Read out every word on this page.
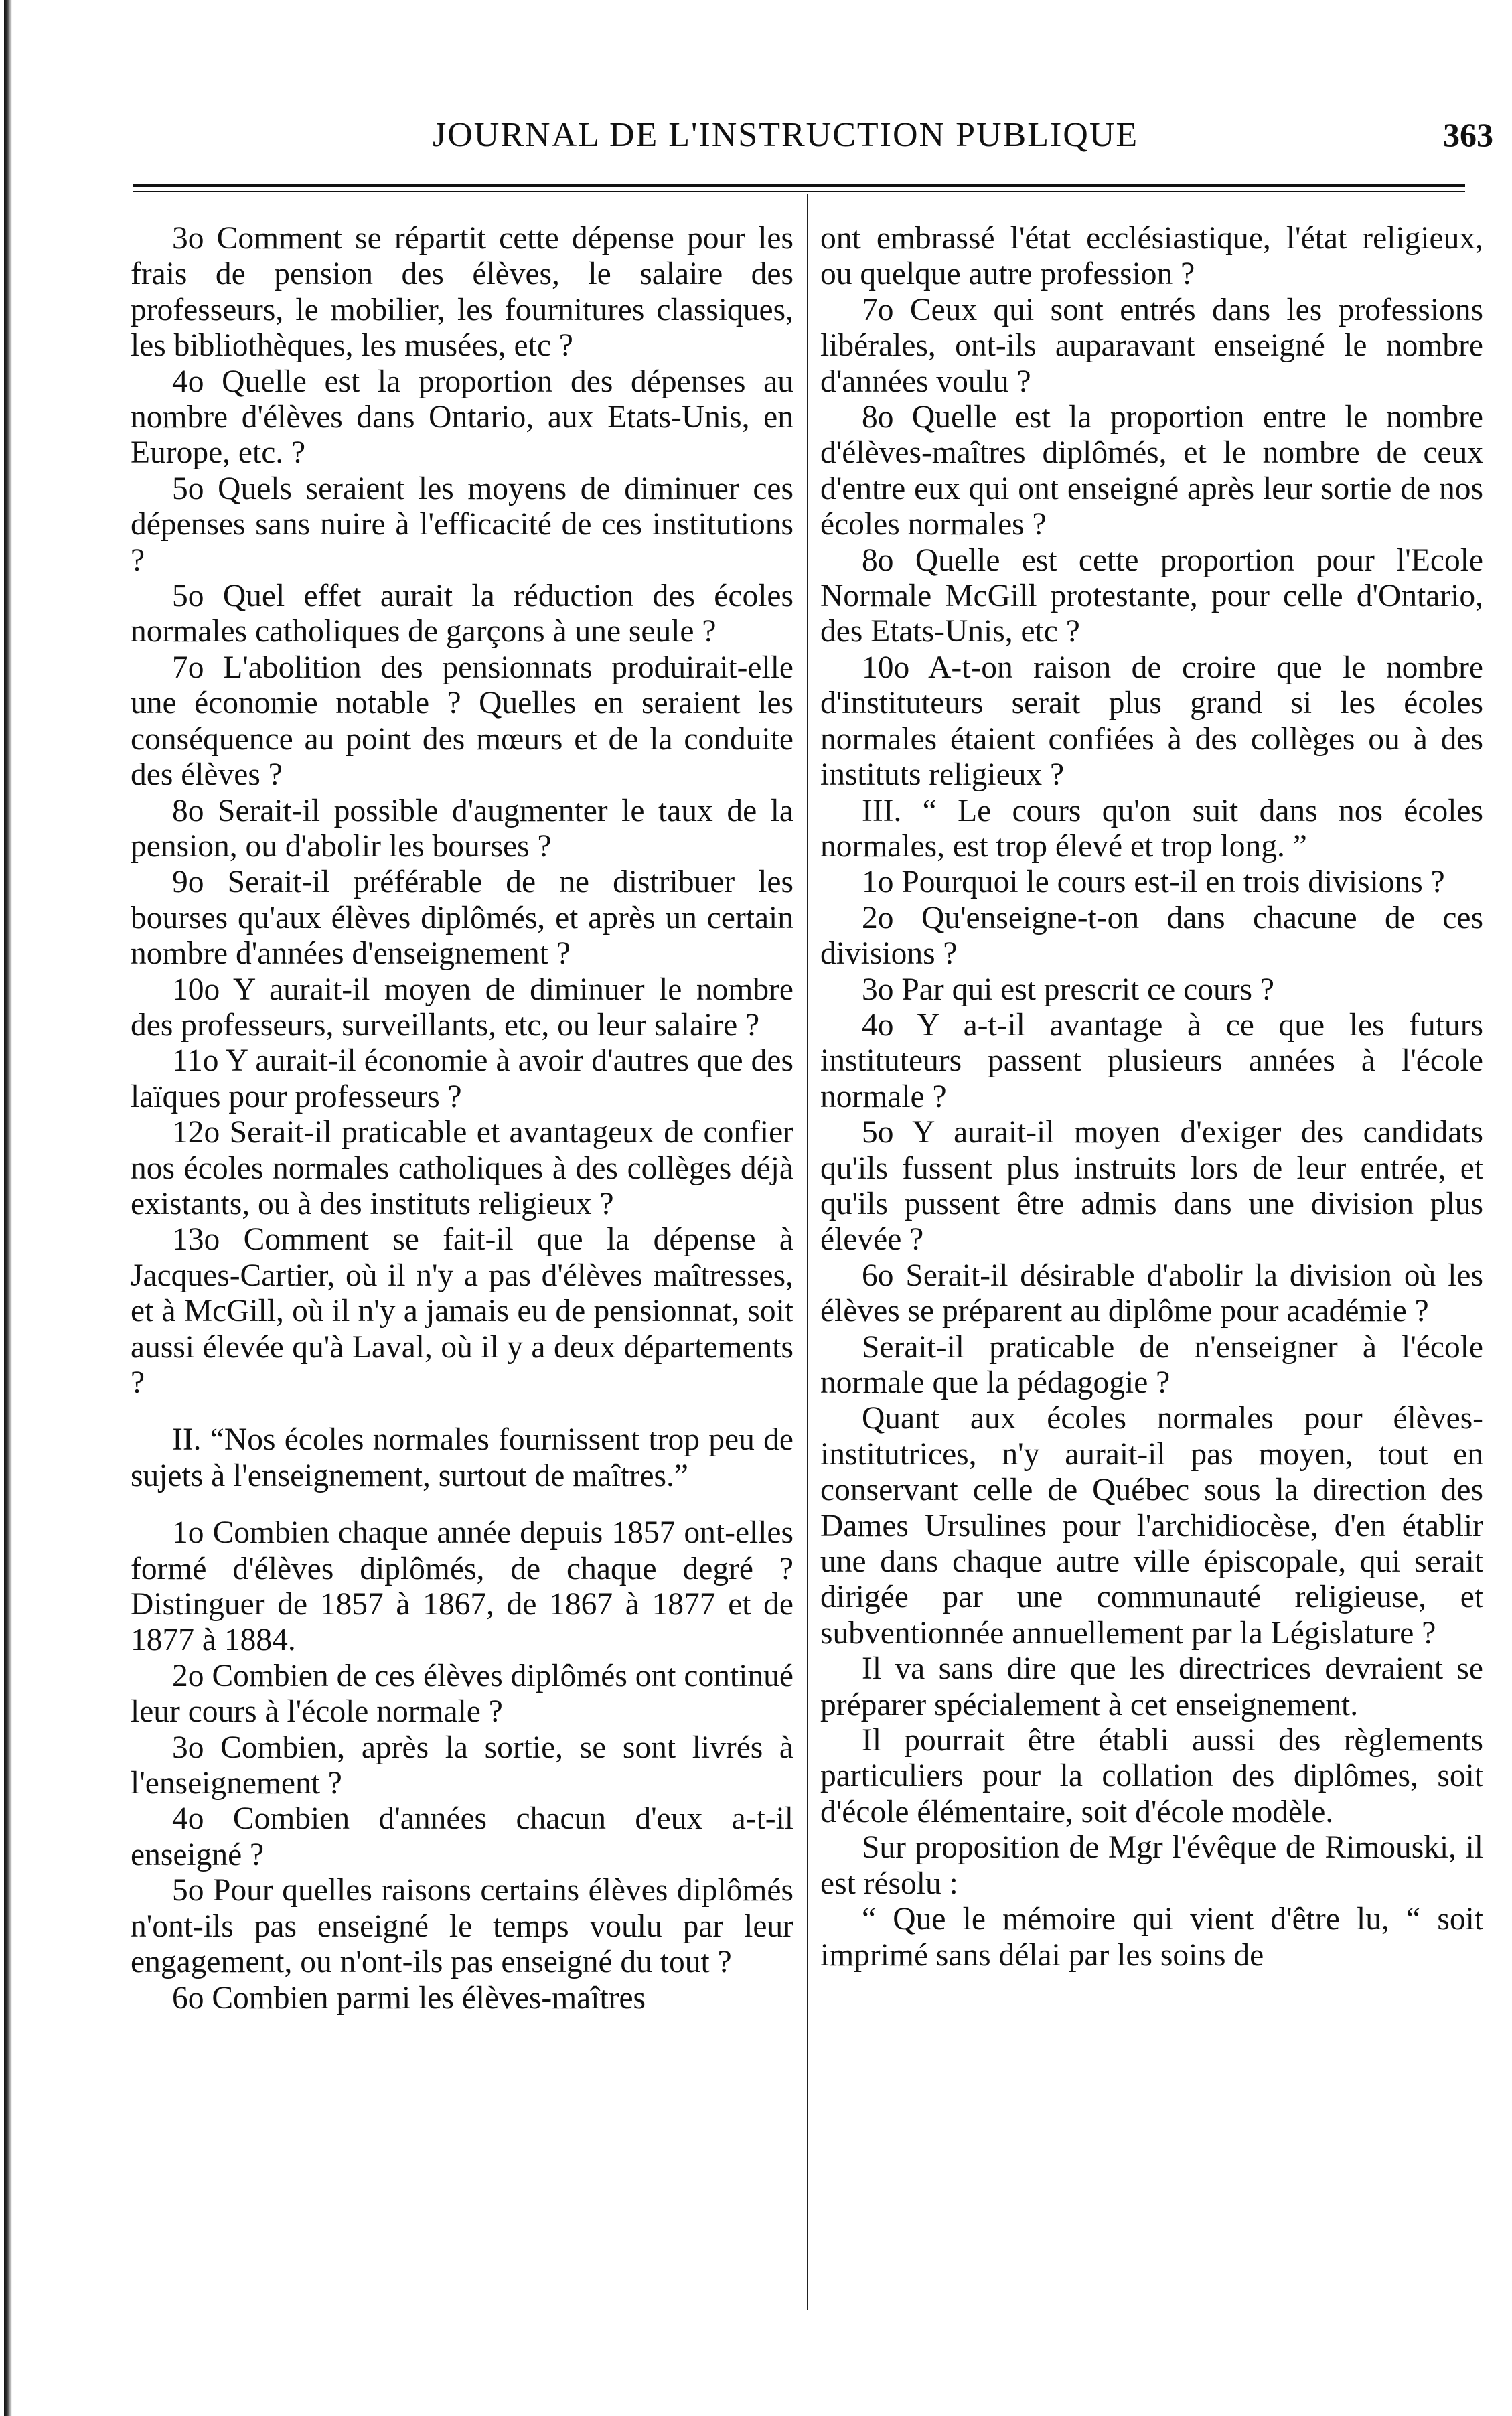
JOURNAL DE L'INSTRUCTION PUBLIQUE	363

3o Comment se répartit cette dépense pour les frais de pension des élèves, le salaire des professeurs, le mobilier, les fournitures classiques, les bibliothèques, les musées, etc ?

4o Quelle est la proportion des dépenses au nombre d'élèves dans Ontario, aux Etats-Unis, en Europe, etc. ?

5o Quels seraient les moyens de diminuer ces dépenses sans nuire à l'efficacité de ces institutions ?

5o Quel effet aurait la réduction des écoles normales catholiques de garçons à une seule ?

7o L'abolition des pensionnats produirait-elle une économie notable ? Quelles en seraient les conséquence au point des mœurs et de la conduite des élèves ?

8o Serait-il possible d'augmenter le taux de la pension, ou d'abolir les bourses ?

9o Serait-il préférable de ne distribuer les bourses qu'aux élèves diplômés, et après un certain nombre d'années d'enseignement ?

10o Y aurait-il moyen de diminuer le nombre des professeurs, surveillants, etc, ou leur salaire ?

11o Y aurait-il économie à avoir d'autres que des laïques pour professeurs ?

12o Serait-il praticable et avantageux de confier nos écoles normales catholiques à des collèges déjà existants, ou à des instituts religieux ?

13o Comment se fait-il que la dépense à Jacques-Cartier, où il n'y a pas d'élèves maîtresses, et à McGill, où il n'y a jamais eu de pensionnat, soit aussi élevée qu'à Laval, où il y a deux départements ?

II. “Nos écoles normales fournissent trop peu de sujets à l'enseignement, surtout de maîtres.”

1o Combien chaque année depuis 1857 ont-elles formé d'élèves diplômés, de chaque degré ? Distinguer de 1857 à 1867, de 1867 à 1877 et de 1877 à 1884.

2o Combien de ces élèves diplômés ont continué leur cours à l'école normale ?

3o Combien, après la sortie, se sont livrés à l'enseignement ?

4o Combien d'années chacun d'eux a-t-il enseigné ?

5o Pour quelles raisons certains élèves diplômés n'ont-ils pas enseigné le temps voulu par leur engagement, ou n'ont-ils pas enseigné du tout ?

6o Combien parmi les élèves-maîtres

ont embrassé l'état ecclésiastique, l'état religieux, ou quelque autre profession ?

7o Ceux qui sont entrés dans les professions libérales, ont-ils auparavant enseigné le nombre d'années voulu ?

8o Quelle est la proportion entre le nombre d'élèves-maîtres diplômés, et le nombre de ceux d'entre eux qui ont enseigné après leur sortie de nos écoles normales ?

8o Quelle est cette proportion pour l'Ecole Normale McGill protestante, pour celle d'Ontario, des Etats-Unis, etc ?

10o A-t-on raison de croire que le nombre d'instituteurs serait plus grand si les écoles normales étaient confiées à des collèges ou à des instituts religieux ?

III. “ Le cours qu'on suit dans nos écoles normales, est trop élevé et trop long. ”

1o Pourquoi le cours est-il en trois divisions ?

2o Qu'enseigne-t-on dans chacune de ces divisions ?

3o Par qui est prescrit ce cours ?

4o Y a-t-il avantage à ce que les futurs instituteurs passent plusieurs années à l'école normale ?

5o Y aurait-il moyen d'exiger des candidats qu'ils fussent plus instruits lors de leur entrée, et qu'ils pussent être admis dans une division plus élevée ?

6o Serait-il désirable d'abolir la division où les élèves se préparent au diplôme pour académie ?

Serait-il praticable de n'enseigner à l'école normale que la pédagogie ?

Quant aux écoles normales pour élèves-institutrices, n'y aurait-il pas moyen, tout en conservant celle de Québec sous la direction des Dames Ursulines pour l'archidiocèse, d'en établir une dans chaque autre ville épiscopale, qui serait dirigée par une communauté religieuse, et subventionnée annuellement par la Législature ?

Il va sans dire que les directrices devraient se préparer spécialement à cet enseignement.

Il pourrait être établi aussi des règlements particuliers pour la collation des diplômes, soit d'école élémentaire, soit d'école modèle.

Sur proposition de Mgr l'évêque de Rimouski, il est résolu :

“ Que le mémoire qui vient d'être lu, “ soit imprimé sans délai par les soins de
